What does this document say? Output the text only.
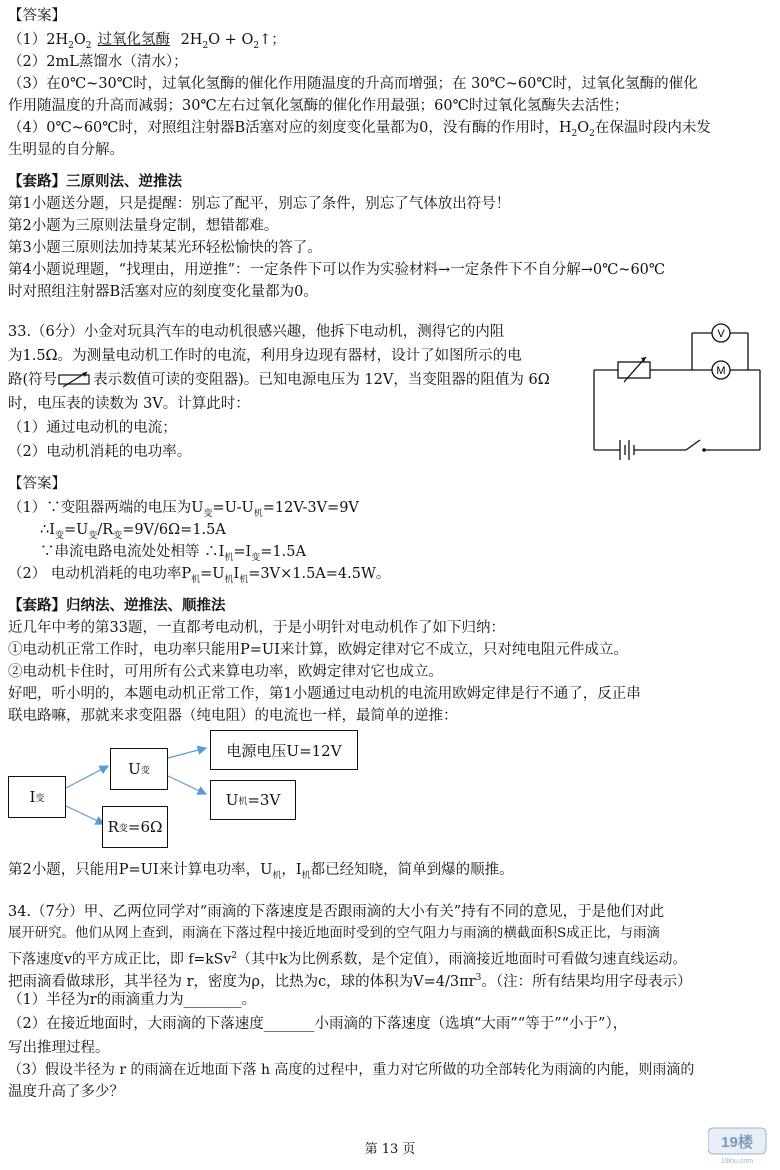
【答案】
$(1)2H_2O_2$ 过氧化氢酶 $2H_2O$ + $O_2↑$；
（2）2mL蒸馏水（清水）；
（3）在0℃~30℃时，过氧化氢酶的催化作用随温度的升高而增强；在 30℃~60℃时，过氧化氢酶的催化
作用随温度的升高而减弱；30℃左右过氧化氢酶的催化作用最强；60℃时过氧化氢酶失去活性；
（4）0℃~60℃时，对照组注射器B活塞对应的刻度变化量都为0，没有酶的作用时，$H_2O_2$在保温时段内未发
生明显的自分解。
【套路】三原则法、逆推法
第1小题送分题，只是提醒：别忘了配平，别忘了条件，别忘了气体放出符号！
第2小题为三原则法量身定制，想错都难。
第3小题三原则法加持某某光环轻松愉快的答了。
第4小题说理题，“找理由，用逆推”：一定条件下可以作为实验材料→一定条件下不自分解→0℃~60℃
时对照组注射器B活塞对应的刻度变化量都为0。
33.（6分）小金对玩具汽车的电动机很感兴趣，他拆下电动机，测得它的内阻
为1.5Ω。为测量电动机工作时的电流，利用身边现有器材，设计了如图所示的电
路(符号 表示数值可读的变阻器)。已知电源电压为 12V，当变阻器的阻值为 6Ω
时，电压表的读数为 3V。计算此时：
（1）通过电动机的电流；
（2）电动机消耗的电功率。
V
M
【答案】
（1）∵变阻器两端的电压为$U_变=U-U_机=12V-3V=9V$
$\therefore I_变=U_变/R_变=9V/6\Omega=1.5A$
∵串流电路电流处处相等 $\therefore I_机=I_变=1.5A$
（2） 电动机消耗的电功率$P_机=U_机I_机=3V\times 1.5A=4.5W$。
【套路】归纳法、逆推法、顺推法
近几年中考的第33题，一直都考电动机，于是小明针对电动机作了如下归纳：
①电动机正常工作时，电功率只能用P=UI来计算，欧姆定律对它不成立，只对纯电阻元件成立。
②电动机卡住时，可用所有公式来算电功率，欧姆定律对它也成立。
好吧，听小明的，本题电动机正常工作，第1小题通过电动机的电流用欧姆定律是行不通了，反正串
联电路嘛，那就来求变阻器（纯电阻）的电流也一样，最简单的逆推：
I 变
U 变
R 变 =6Ω
电源电压U=12V
U 机 =3V
第2小题，只能用P=UI来计算电功率，$U_机$，$I_机$都已经知晓，简单到爆的顺推。
34.（7分）甲、乙两位同学对“雨滴的下落速度是否跟雨滴的大小有关”持有不同的意见，于是他们对此
展开研究。他们从网上查到，雨滴在下落过程中接近地面时受到的空气阻力与雨滴的横截面积S成正比，与雨滴
下落速度v的平方成正比，即 f=kSv$^2$（其中k为比例系数，是个定值），雨滴接近地面时可看做匀速直线运动。
把雨滴看做球形，其半径为 r，密度为ρ，比热为c，球的体积为$V=4/3\pi r^3$。（注：所有结果均用字母表示）
（1）半径为r的雨滴重力为________。
（2）在接近地面时，大雨滴的下落速度_______小雨滴的下落速度（选填“大雨”“等于”“小于”），
写出推理过程。
（3）假设半径为 r 的雨滴在近地面下落 h 高度的过程中，重力对它所做的功全部转化为雨滴的内能，则雨滴的
温度升高了多少？
第 13 页	19楼
19lou.com
